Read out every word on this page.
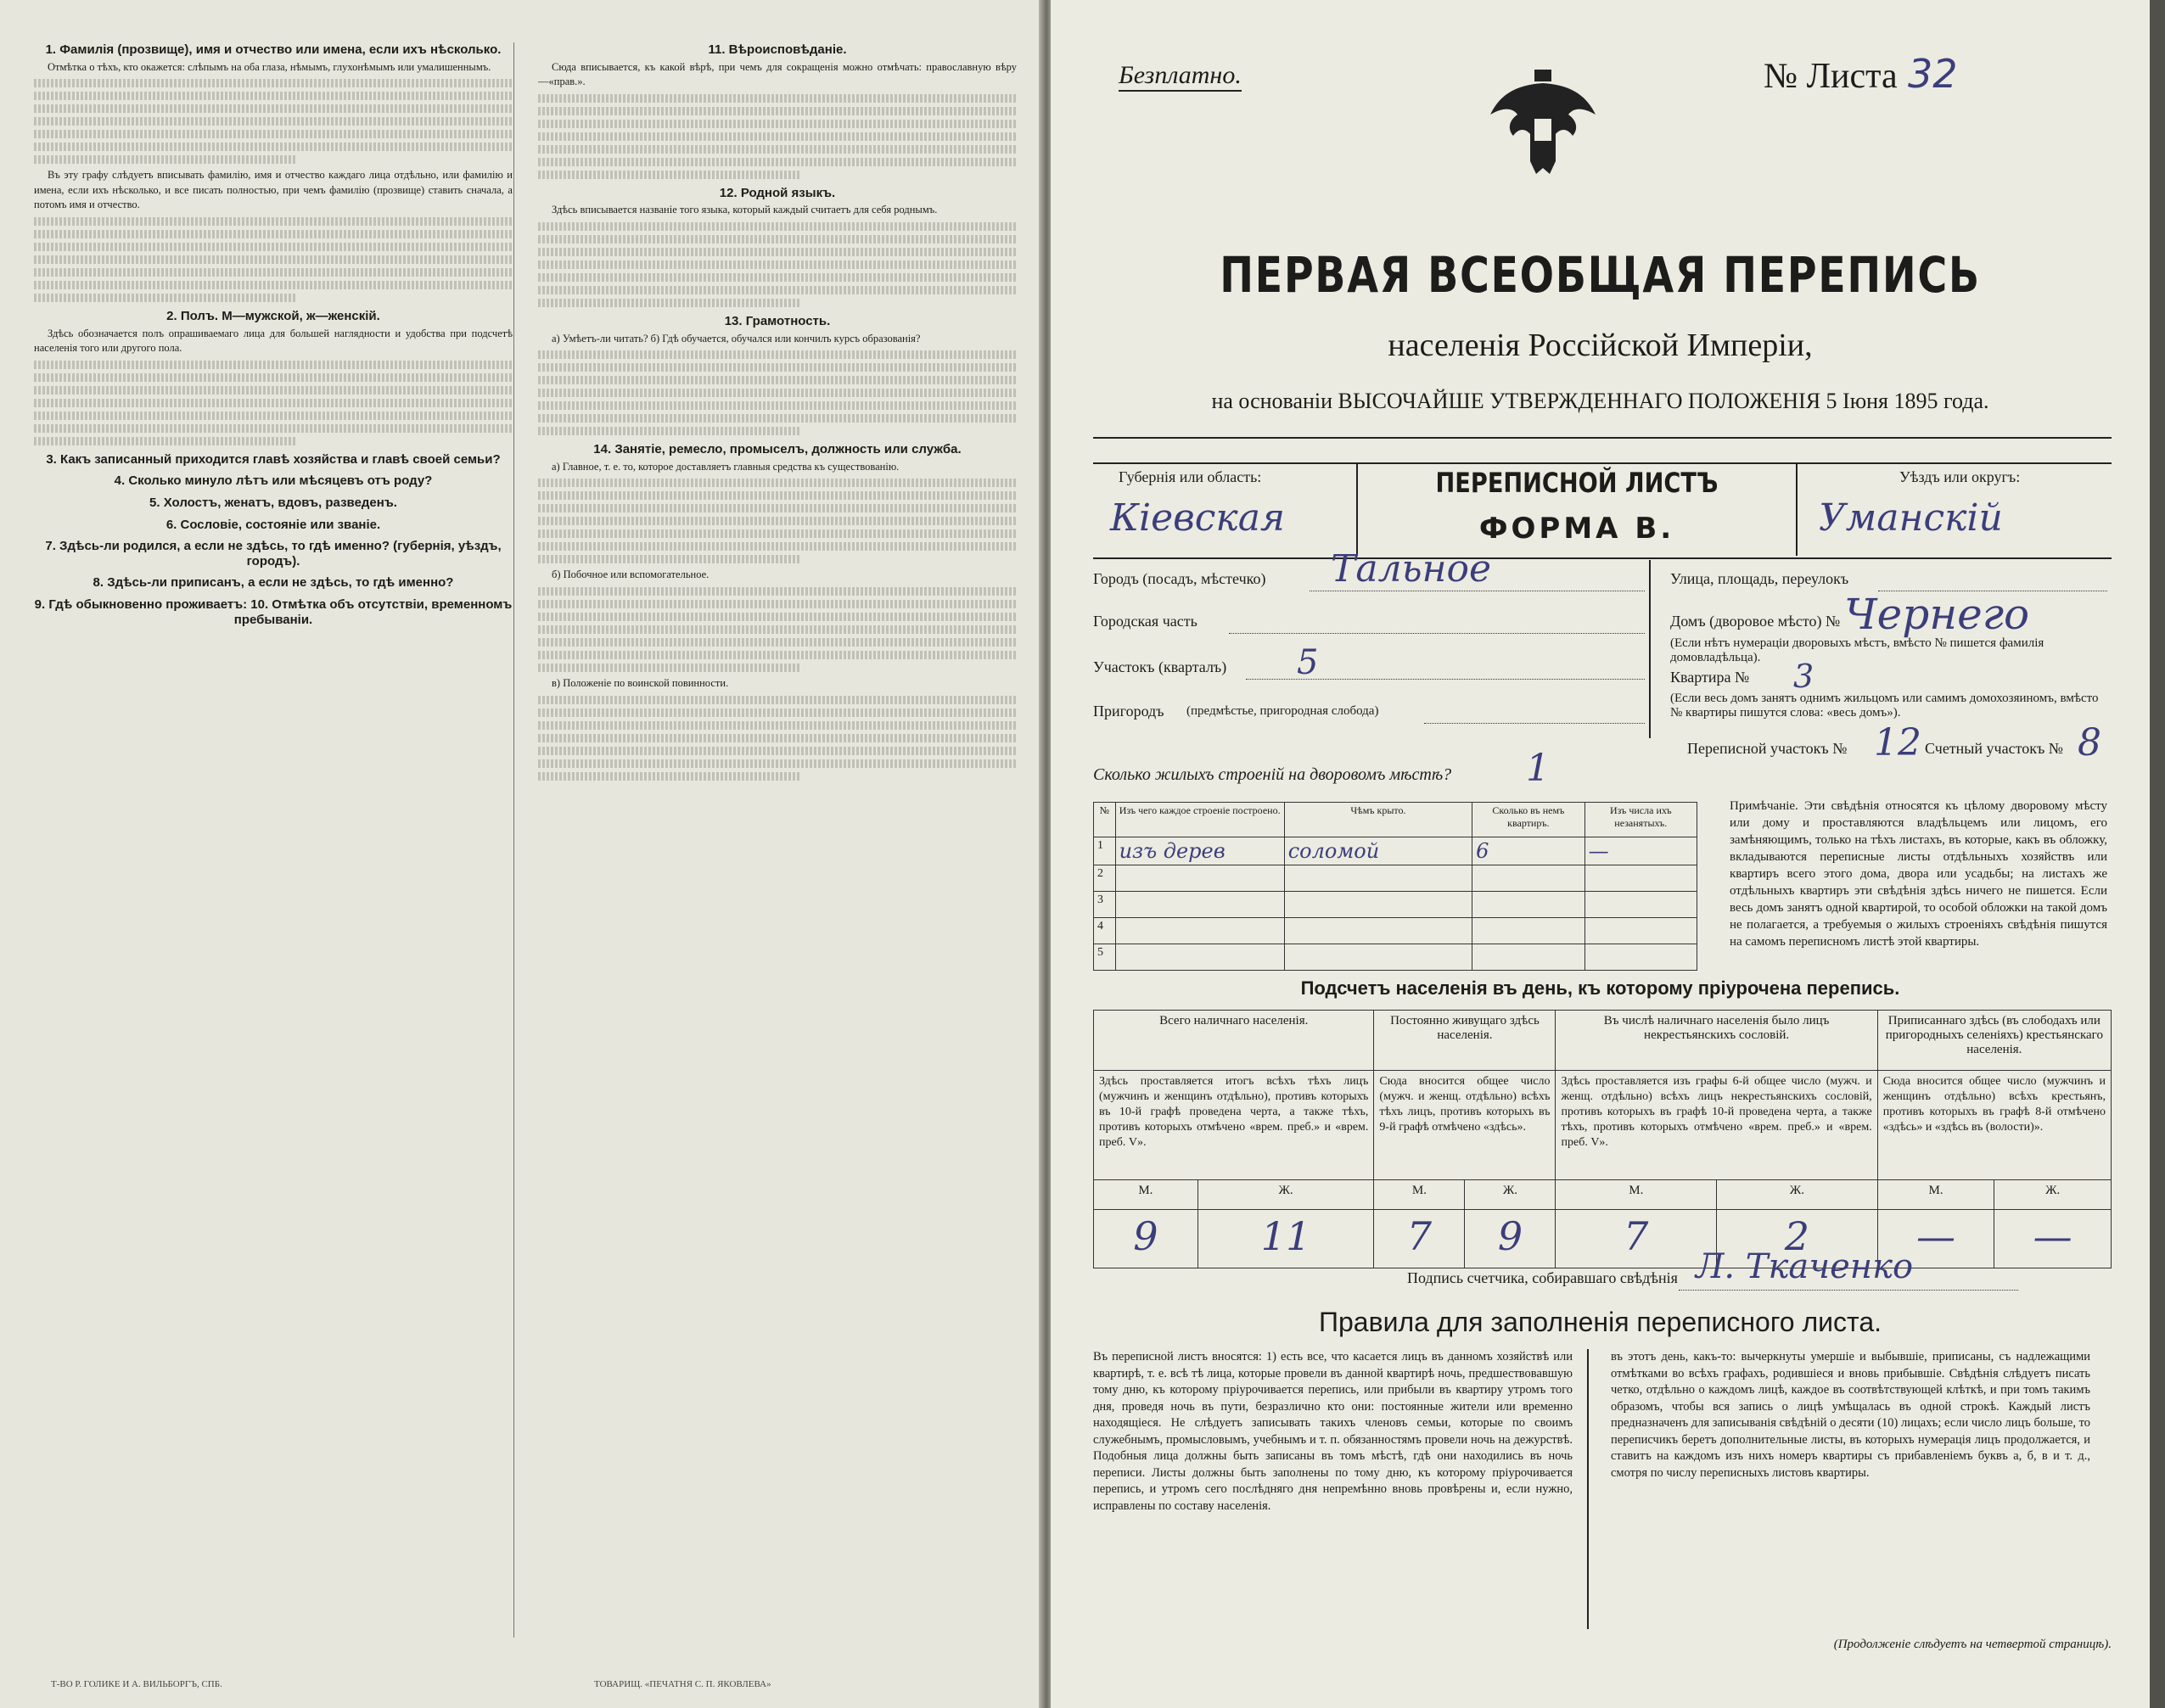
1. Фамилія (прозвище), имя и отчество или имена, если ихъ нѣсколько.

Отмѣтка о тѣхъ, кто окажется: слѣпымъ на оба глаза, нѣмымъ, глухонѣмымъ или умалишеннымъ.

Въ эту графу слѣдуетъ вписывать фамилію, имя и отчество каждаго лица отдѣльно, или фамилію и имена, если ихъ нѣсколько, и все писать полностью, при чемъ фамилію (прозвище) ставить сначала, а потомъ имя и отчество.

2. Полъ. М—мужской, ж—женскій.

Здѣсь обозначается полъ опрашиваемаго лица для большей наглядности и удобства при подсчетѣ населенія того или другого пола.

3. Какъ записанный приходится главѣ хозяйства и главѣ своей семьи?
4. Сколько минуло лѣтъ или мѣсяцевъ отъ роду?
5. Холостъ, женатъ, вдовъ, разведенъ.
6. Сословіе, состояніе или званіе.
7. Здѣсь-ли родился, а если не здѣсь, то гдѣ именно? (губернія, уѣздъ, городъ).
8. Здѣсь-ли приписанъ, а если не здѣсь, то гдѣ именно?
9. Гдѣ обыкновенно проживаетъ: 10. Отмѣтка объ отсутствіи, временномъ пребываніи.
11. Вѣроисповѣданіе.

Сюда вписывается, къ какой вѣрѣ, при чемъ для сокращенія можно отмѣчать: православную вѣру—«прав.».

12. Родной языкъ.

Здѣсь вписывается названіе того языка, который каждый считаетъ для себя роднымъ.

13. Грамотность.

а) Умѣетъ-ли читать? б) Гдѣ обучается, обучался или кончилъ курсъ образованія?

14. Занятіе, ремесло, промыселъ, должность или служба.

а) Главное, т. е. то, которое доставляетъ главныя средства къ существованію.

б) Побочное или вспомогательное.

в) Положеніе по воинской повинности.

Т-ВО Р. ГОЛИКЕ И А. ВИЛЬБОРГЪ, СПБ.	ТОВАРИЩ. «ПЕЧАТНЯ С. П. ЯКОВЛЕВА»
Безплатно.	№ Листа 32
ПЕРВАЯ ВСЕОБЩАЯ ПЕРЕПИСЬ
населенія Россійской Имперіи,
на основаніи ВЫСОЧАЙШЕ УТВЕРЖДЕННАГО ПОЛОЖЕНІЯ 5 Іюня 1895 года.
ПЕРЕПИСНОЙ ЛИСТЪ
ФОРМА В.
Губернія или область:
Кіевская
Уѣздъ или округъ:
Уманскій
Городъ (посадъ, мѣстечко) Тальное
Городская часть
Участокъ (кварталъ) 5
Пригородъ (предмѣстье, пригородная слобода)
Улица, площадь, переулокъ
Домъ (дворовое мѣсто) № Чернего
(Если нѣтъ нумераціи дворовыхъ мѣстъ, вмѣсто № пишется фамилія домовладѣльца).
Квартира № 3
(Если весь домъ занятъ однимъ жильцомъ или самимъ домохозяиномъ, вмѣсто № квартиры пишутся слова: «весь домъ»).
Переписной участокъ № 12 Счетный участокъ № 8
Сколько жилыхъ строеній на дворовомъ мѣстѣ? 1
№	Изъ чего каждое строеніе построено.	Чѣмъ крыто.	Сколько въ немъ квартиръ.	Изъ числа ихъ незанятыхъ.
1	изъ дерев	соломой	6	—
2				
3				
4				
5				
Примѣчаніе. Эти свѣдѣнія относятся къ цѣлому дворовому мѣсту или дому и проставляются владѣльцемъ или лицомъ, его замѣняющимъ, только на тѣхъ листахъ, въ которые, какъ въ обложку, вкладываются переписные листы отдѣльныхъ хозяйствъ или квартиръ всего этого дома, двора или усадьбы; на листахъ же отдѣльныхъ квартиръ эти свѣдѣнія здѣсь ничего не пишется. Если весь домъ занятъ одной квартирой, то особой обложки на такой домъ не полагается, а требуемыя о жилыхъ строеніяхъ свѣдѣнія пишутся на самомъ переписномъ листѣ этой квартиры.
Подсчетъ населенія въ день, къ которому пріурочена перепись.
Всего наличнаго населенія.		Постоянно живущаго здѣсь населенія.		Въ числѣ наличнаго населенія было лицъ некрестьянскихъ сословій.		Приписаннаго здѣсь (въ слободахъ или пригородныхъ селеніяхъ) крестьянскаго населенія.	
Здѣсь проставляется итогъ всѣхъ тѣхъ лицъ (мужчинъ и женщинъ отдѣльно), противъ которыхъ въ 10-й графѣ проведена черта, а также тѣхъ, противъ которыхъ отмѣчено «врем. преб.» и «врем. преб. V».		Сюда вносится общее число (мужч. и женщ. отдѣльно) всѣхъ тѣхъ лицъ, противъ которыхъ въ 9-й графѣ отмѣчено «здѣсь».		Здѣсь проставляется изъ графы 6-й общее число (мужч. и женщ. отдѣльно) всѣхъ лицъ некрестьянскихъ сословій, противъ которыхъ въ графѣ 10-й проведена черта, а также тѣхъ, противъ которыхъ отмѣчено «врем. преб.» и «врем. преб. V».		Сюда вносится общее число (мужчинъ и женщинъ отдѣльно) всѣхъ крестьянъ, противъ которыхъ въ графѣ 8-й отмѣчено «здѣсь» и «здѣсь въ (волости)».	
М.	Ж.	М.	Ж.	М.	Ж.	М.	Ж.
9	11	7	9	7	2	—	—
Подпись счетчика, собиравшаго свѣдѣнія Л. Ткаченко
Правила для заполненія переписного листа.
Въ переписной листъ вносятся: 1) есть все, что касается лицъ въ данномъ хозяйствѣ или квартирѣ, т. е. всѣ тѣ лица, которые провели въ данной квартирѣ ночь, предшествовавшую тому дню, къ которому пріурочивается перепись, или прибыли въ квартиру утромъ того дня, проведя ночь въ пути, безразлично кто они: постоянные жители или временно находящіеся. Не слѣдуетъ записывать такихъ членовъ семьи, которые по своимъ служебнымъ, промысловымъ, учебнымъ и т. п. обязанностямъ провели ночь на дежурствѣ. Подобныя лица должны быть записаны въ томъ мѣстѣ, гдѣ они находились въ ночь переписи. Листы должны быть заполнены по тому дню, къ которому пріурочивается перепись, и утромъ сего послѣдняго дня непремѣнно вновь провѣрены и, если нужно, исправлены по составу населенія.
въ этотъ день, какъ-то: вычеркнуты умершіе и выбывшіе, приписаны, съ надлежащими отмѣтками во всѣхъ графахъ, родившіеся и вновь прибывшіе. Свѣдѣнія слѣдуетъ писать четко, отдѣльно о каждомъ лицѣ, каждое въ соотвѣтствующей клѣткѣ, и при томъ такимъ образомъ, чтобы вся запись о лицѣ умѣщалась въ одной строкѣ. Каждый листъ предназначенъ для записыванія свѣдѣній о десяти (10) лицахъ; если число лицъ больше, то переписчикъ беретъ дополнительные листы, въ которыхъ нумерація лицъ продолжается, и ставитъ на каждомъ изъ нихъ номеръ квартиры съ прибавленіемъ буквъ а, б, в и т. д., смотря по числу переписныхъ листовъ квартиры.
(Продолженіе слѣдуетъ на четвертой страницѣ).
